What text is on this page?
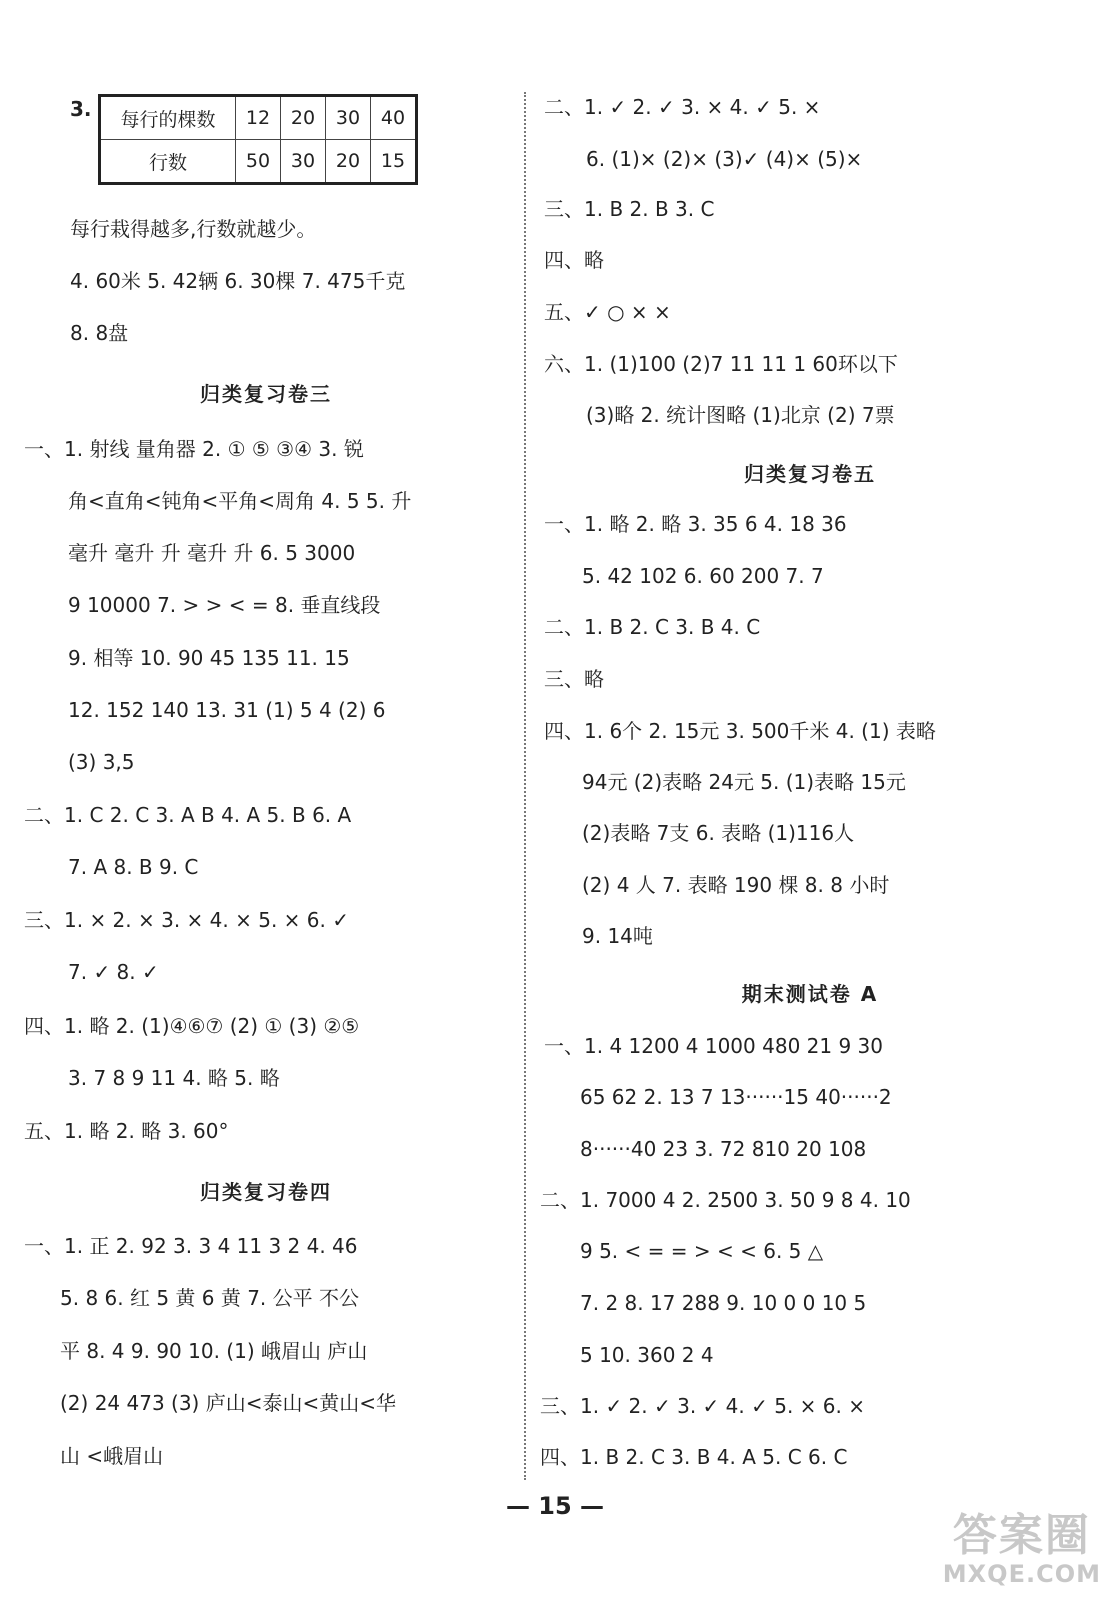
3. 每行的棵数	12	20	30	40
行数	50	30	20	15
每行栽得越多,行数就越少。
4. 60米 5. 42辆 6. 30棵 7. 475千克
8. 8盘
归类复习卷三
一、1. 射线 量角器 2. ① ⑤ ③④ 3. 锐
角<直角<钝角<平角<周角 4. 5 5. 升
毫升 毫升 升 毫升 升 6. 5 3000
9 10000 7. > > < = 8. 垂直线段
9. 相等 10. 90 45 135 11. 15
12. 152 140 13. 31 (1) 5 4 (2) 6
(3) 3,5
二、1. C 2. C 3. A B 4. A 5. B 6. A
7. A 8. B 9. C
三、1. × 2. × 3. × 4. × 5. × 6. ✓
7. ✓ 8. ✓
四、1. 略 2. (1)④⑥⑦ (2) ① (3) ②⑤
3. 7 8 9 11 4. 略 5. 略
五、1. 略 2. 略 3. 60°
归类复习卷四
一、1. 正 2. 92 3. 3 4 11 3 2 4. 46
5. 8 6. 红 5 黄 6 黄 7. 公平 不公
平 8. 4 9. 90 10. (1) 峨眉山 庐山
(2) 24 473 (3) 庐山<泰山<黄山<华
山 <峨眉山
二、1. ✓ 2. ✓ 3. × 4. ✓ 5. ×
6. (1)× (2)× (3)✓ (4)× (5)×
三、1. B 2. B 3. C
四、略
五、✓ ○ × ×
六、1. (1)100 (2)7 11 11 1 60环以下
(3)略 2. 统计图略 (1)北京 (2) 7票
归类复习卷五
一、1. 略 2. 略 3. 35 6 4. 18 36
5. 42 102 6. 60 200 7. 7
二、1. B 2. C 3. B 4. C
三、略
四、1. 6个 2. 15元 3. 500千米 4. (1) 表略
94元 (2)表略 24元 5. (1)表略 15元
(2)表略 7支 6. 表略 (1)116人
(2) 4 人 7. 表略 190 棵 8. 8 小时
9. 14吨
期末测试卷 A
一、1. 4 1200 4 1000 480 21 9 30
65 62 2. 13 7 13······15 40······2
8······40 23 3. 72 810 20 108
二、1. 7000 4 2. 2500 3. 50 9 8 4. 10
9 5. < = = > < < 6. 5 △
7. 2 8. 17 288 9. 10 0 0 10 5
5 10. 360 2 4
三、1. ✓ 2. ✓ 3. ✓ 4. ✓ 5. × 6. ×
四、1. B 2. C 3. B 4. A 5. C 6. C
— 15 —
答案圈
MXQE.COM
